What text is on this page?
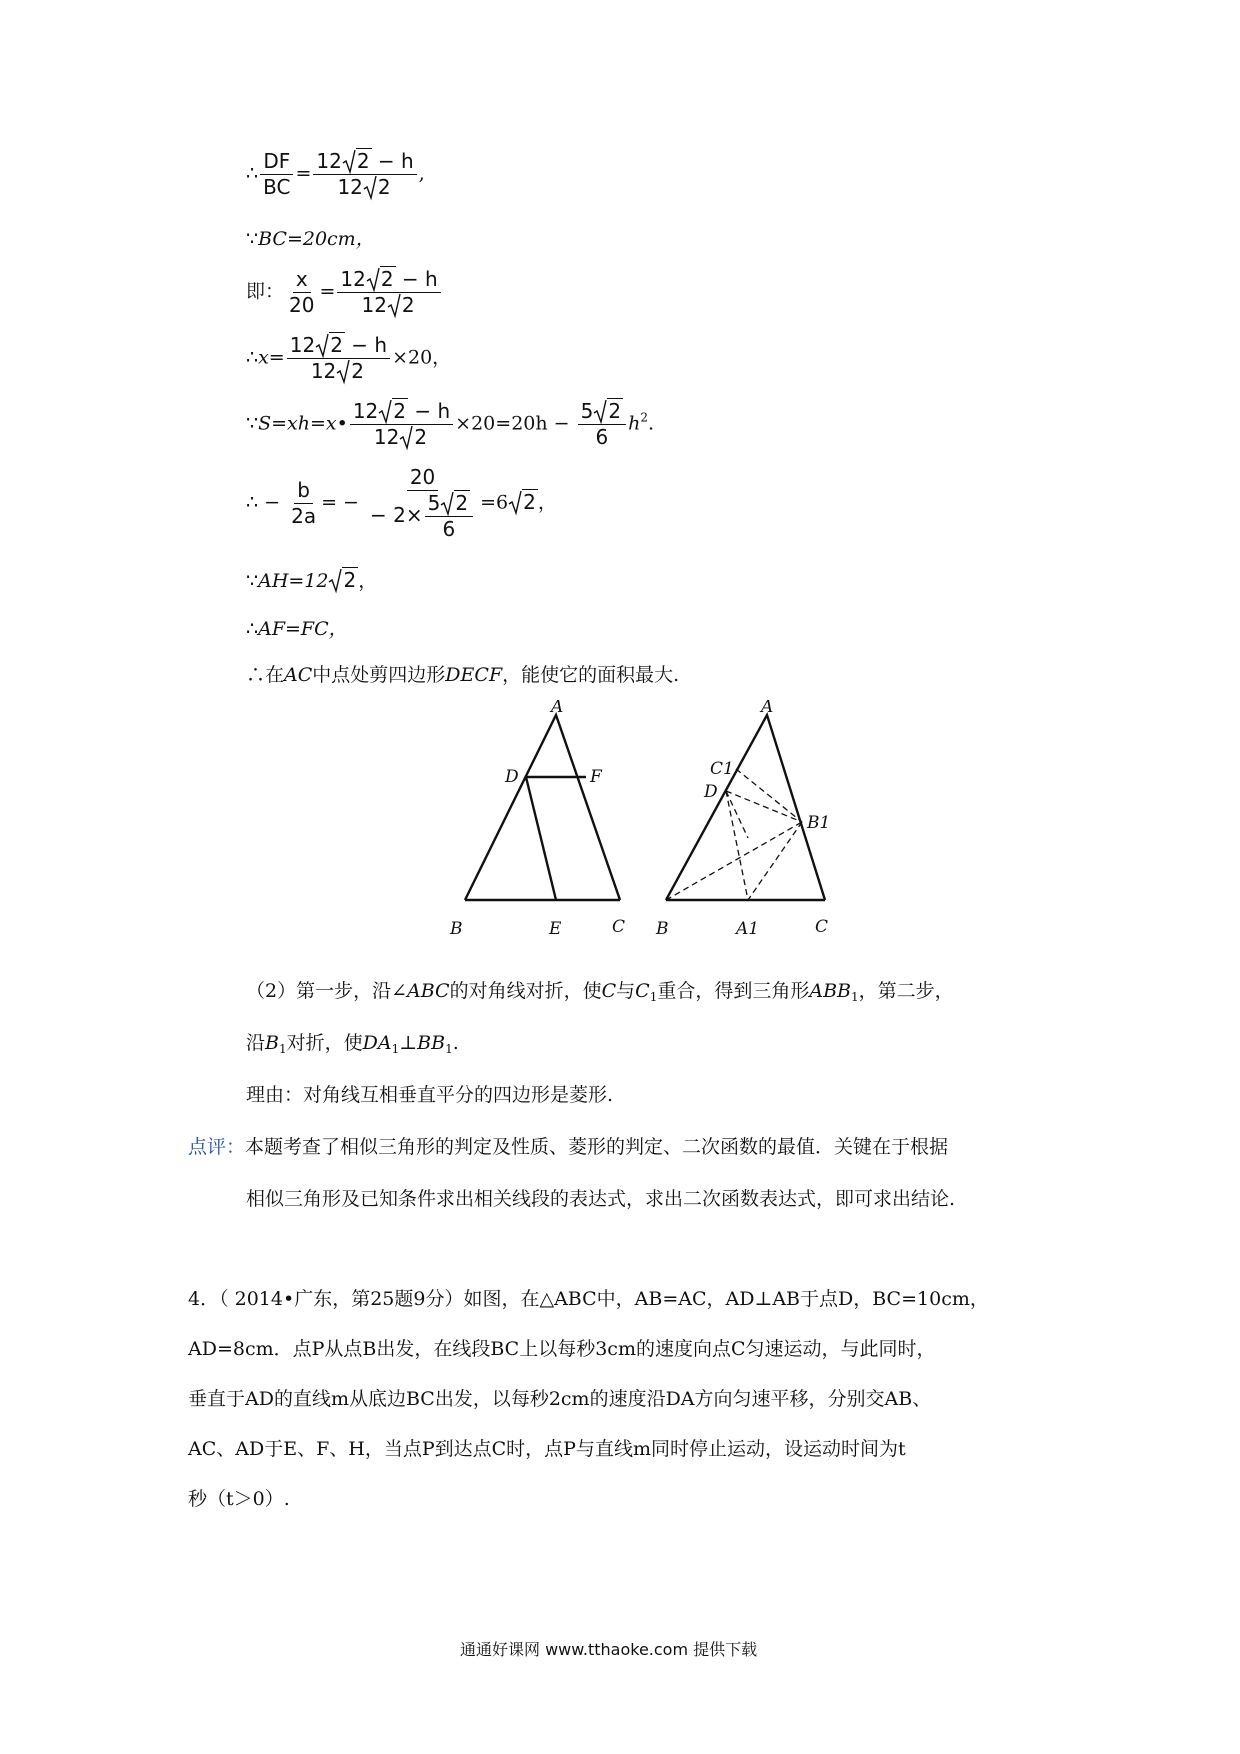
∴ $\frac{DF}{BC} = \frac{12 2 - h}{12 2}$ ,
∵BC=20cm，
即： $\frac{x}{20} = \frac{12 2 - h}{12 2}$
∴x= $\frac{12 2 - h}{12 2} \times 20$，
∵S=xh=x• $\frac{12 2 - h}{12 2} \times 20=20h - \frac{5 2}{6} h^2$.
∴ − $\frac{b}{2a}$ = − $\frac{20}{- 2\times \frac{5 2}{6}} =6$ 2 ，
∵AH=12 2 ，
∴AF=FC，
∴在AC中点处剪四边形DECF，能使它的面积最大.
A
D	F
B	E	C
A
C1
D
B1
B	A1	C
（2）第一步，沿∠ABC的对角线对折，使C与$C_1$重合，得到三角形$ABB_1$，第二步，
沿$B_1$对折，使$DA_1\perp BB_1$.
理由：对角线互相垂直平分的四边形是菱形.
点评：本题考查了相似三角形的判定及性质、菱形的判定、二次函数的最值．关键在于根据
相似三角形及已知条件求出相关线段的表达式，求出二次函数表达式，即可求出结论.
4．（ 2014•广东，第25题9分）如图，在△ABC中，AB=AC，AD⊥AB于点D，BC=10cm，
AD=8cm．点P从点B出发，在线段BC上以每秒3cm的速度向点C匀速运动，与此同时，
垂直于AD的直线m从底边BC出发，以每秒2cm的速度沿DA方向匀速平移，分别交AB、
AC、AD于E、F、H，当点P到达点C时，点P与直线m同时停止运动，设运动时间为t
秒（t＞0）.
通通好课网 www.tthaoke.com 提供下载
